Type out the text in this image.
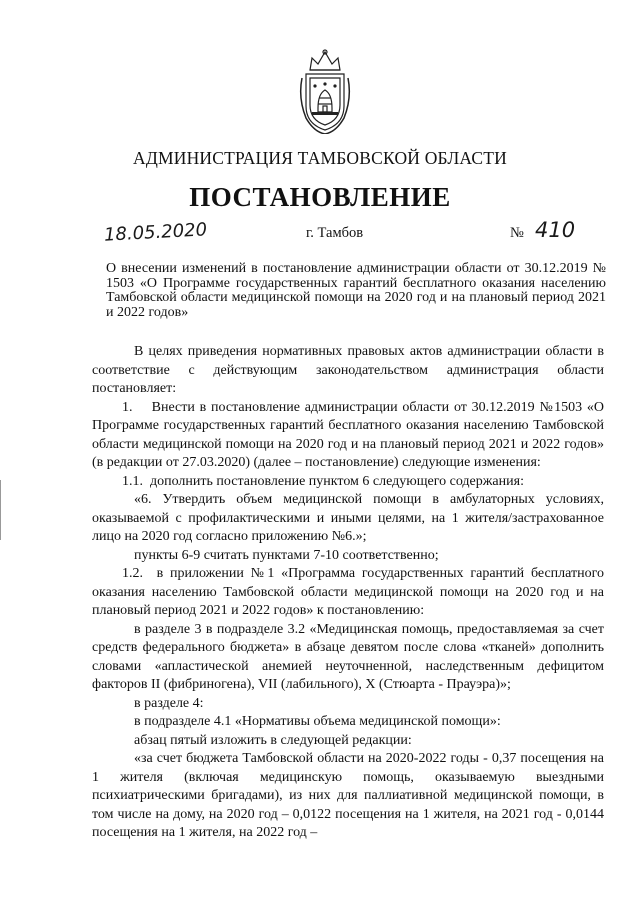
АДМИНИСТРАЦИЯ ТАМБОВСКОЙ ОБЛАСТИ
ПОСТАНОВЛЕНИЕ
18.05.2020	г. Тамбов	№ 410
О внесении изменений в постановление администрации области от 30.12.2019 № 1503 «О Программе государственных гарантий бесплатного оказания населению Тамбовской области медицинской помощи на 2020 год и на плановый период 2021 и 2022 годов»

В целях приведения нормативных правовых актов администрации области в соответствие с действующим законодательством администрация области постановляет:

1.    Внести в постановление администрации области от 30.12.2019 №1503 «О Программе государственных гарантий бесплатного оказания населению Тамбовской области медицинской помощи на 2020 год и на плановый период 2021 и 2022 годов» (в редакции от 27.03.2020) (далее – постановление) следующие изменения:

1.1.  дополнить постановление пунктом 6 следующего содержания:

«6. Утвердить объем медицинской помощи в амбулаторных условиях, оказываемой с профилактическими и иными целями, на 1 жителя/застрахованное лицо на 2020 год согласно приложению №6.»;

пункты 6-9 считать пунктами 7-10 соответственно;

1.2.  в приложении №1 «Программа государственных гарантий бесплатного оказания населению Тамбовской области медицинской помощи на 2020 год и на плановый период 2021 и 2022 годов» к постановлению:

в разделе 3 в подразделе 3.2 «Медицинская помощь, предоставляемая за счет средств федерального бюджета» в абзаце девятом после слова «тканей» дополнить словами «апластической анемией неуточненной, наследственным дефицитом факторов II (фибриногена), VII (лабильного), X (Стюарта - Прауэра)»;

в разделе 4:

в подразделе 4.1 «Нормативы объема медицинской помощи»:

абзац пятый изложить в следующей редакции:

«за счет бюджета Тамбовской области на 2020-2022 годы - 0,37 посещения на 1 жителя (включая медицинскую помощь, оказываемую выездными психиатрическими бригадами), из них для паллиативной медицинской помощи, в том числе на дому, на 2020 год – 0,0122 посещения на 1 жителя, на 2021 год - 0,0144 посещения на 1 жителя, на 2022 год –
